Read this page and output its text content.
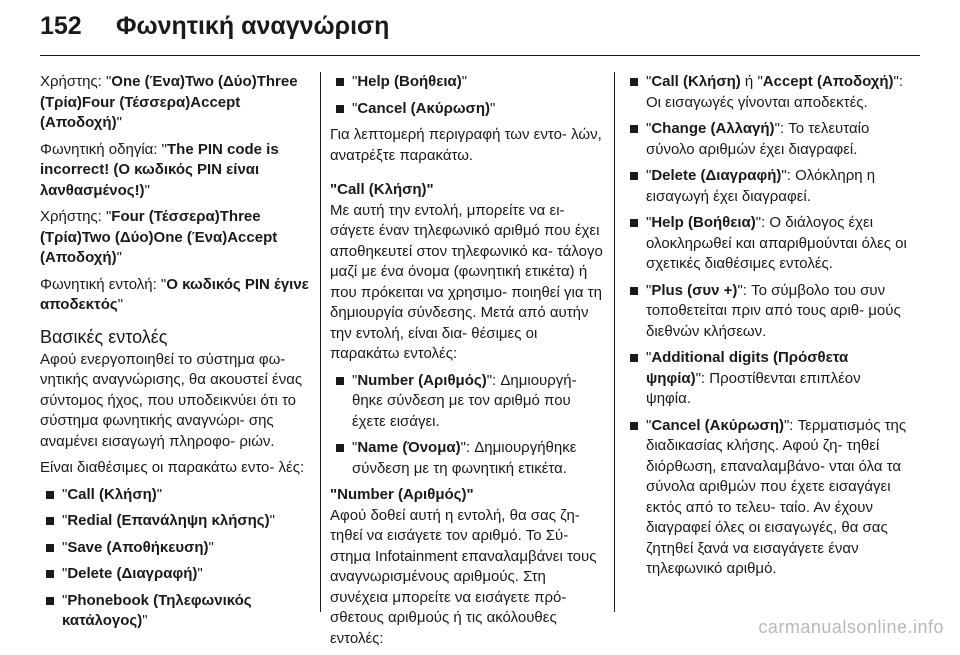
152 Φωνητική αναγνώριση

Χρήστης: "One (Ένα)Two (Δύο)Three (Τρία)Four (Τέσσερα)Accept (Αποδοχή)"

Φωνητική οδηγία: "The PIN code is incorrect! (Ο κωδικός PIN είναι λανθασμένος!)"

Χρήστης: "Four (Τέσσερα)Three (Τρία)Two (Δύο)One (Ένα)Accept (Αποδοχή)"

Φωνητική εντολή: "Ο κωδικός PIN έγινε αποδεκτός"

Βασικές εντολές

Αφού ενεργοποιηθεί το σύστημα φω- νητικής αναγνώρισης, θα ακουστεί ένας σύντομος ήχος, που υποδεικνύει ότι το σύστημα φωνητικής αναγνώρι- σης αναμένει εισαγωγή πληροφο- ριών.

Είναι διαθέσιμες οι παρακάτω εντο- λές:

"Call (Κλήση)"
"Redial (Επανάληψη κλήσης)"
"Save (Αποθήκευση)"
"Delete (Διαγραφή)"
"Phonebook (Τηλεφωνικός κατάλογος)"
"Help (Βοήθεια)"
"Cancel (Ακύρωση)"

Για λεπτομερή περιγραφή των εντο- λών, ανατρέξτε παρακάτω.

"Call (Κλήση)"

Με αυτή την εντολή, μπορείτε να ει- σάγετε έναν τηλεφωνικό αριθμό που έχει αποθηκευτεί στον τηλεφωνικό κα- τάλογο μαζί με ένα όνομα (φωνητική ετικέτα) ή που πρόκειται να χρησιμο- ποιηθεί για τη δημιουργία σύνδεσης. Μετά από αυτήν την εντολή, είναι δια- θέσιμες οι παρακάτω εντολές:

"Number (Αριθμός)": Δημιουργή- θηκε σύνδεση με τον αριθμό που έχετε εισάγει.
"Name (Όνομα)": Δημιουργήθηκε σύνδεση με τη φωνητική ετικέτα.

"Number (Αριθμός)"

Αφού δοθεί αυτή η εντολή, θα σας ζη- τηθεί να εισάγετε τον αριθμό. Το Σύ- στημα Infotainment επαναλαμβάνει τους αναγνωρισμένους αριθμούς. Στη συνέχεια μπορείτε να εισάγετε πρό- σθετους αριθμούς ή τις ακόλουθες εντολές:

"Call (Κλήση) ή "Accept (Αποδοχή)": Οι εισαγωγές γίνονται αποδεκτές.
"Change (Αλλαγή)": Το τελευταίο σύνολο αριθμών έχει διαγραφεί.
"Delete (Διαγραφή)": Ολόκληρη η εισαγωγή έχει διαγραφεί.
"Help (Βοήθεια)": Ο διάλογος έχει ολοκληρωθεί και απαριθμούνται όλες οι σχετικές διαθέσιμες εντολές.
"Plus (συν +)": Το σύμβολο του συν τοποθετείται πριν από τους αριθ- μούς διεθνών κλήσεων.
"Additional digits (Πρόσθετα ψηφία)": Προστίθενται επιπλέον ψηφία.
"Cancel (Ακύρωση)": Τερματισμός της διαδικασίας κλήσης. Αφού ζη- τηθεί διόρθωση, επαναλαμβάνο- νται όλα τα σύνολα αριθμών που έχετε εισαγάγει εκτός από το τελευ- ταίο. Αν έχουν διαγραφεί όλες οι εισαγωγές, θα σας ζητηθεί ξανά να εισαγάγετε έναν τηλεφωνικό αριθμό.
carmanualsonline.info
